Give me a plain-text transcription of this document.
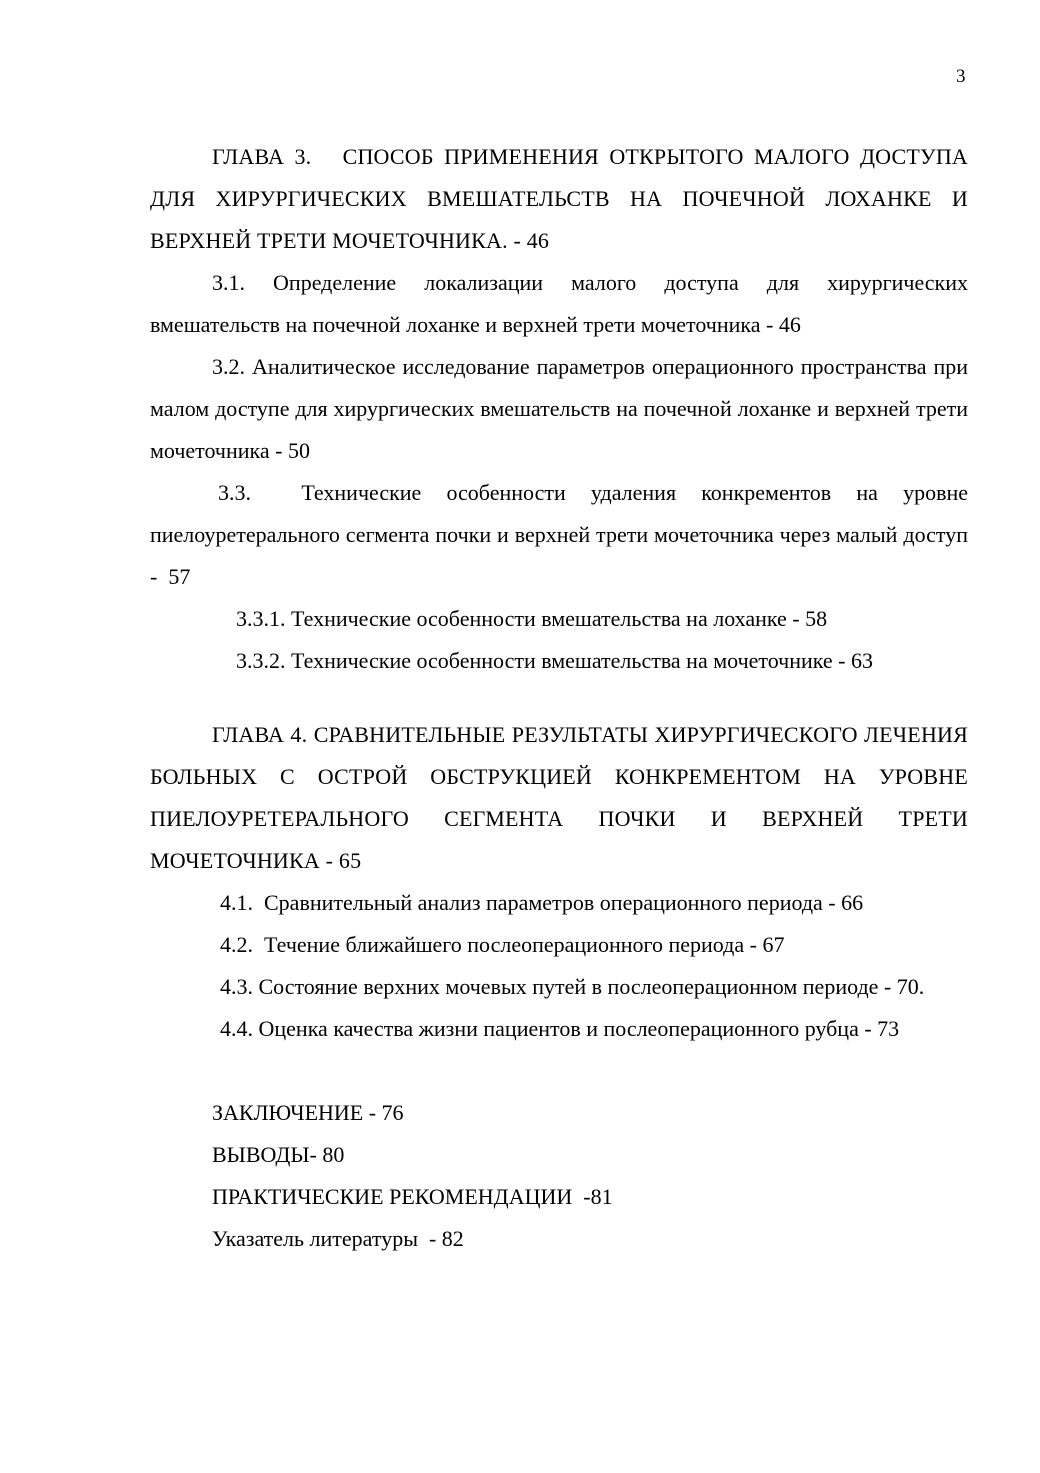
3

ГЛАВА 3.   СПОСОБ ПРИМЕНЕНИЯ ОТКРЫТОГО МАЛОГО ДОСТУПА ДЛЯ ХИРУРГИЧЕСКИХ ВМЕШАТЕЛЬСТВ НА ПОЧЕЧНОЙ ЛОХАНКЕ И ВЕРХНЕЙ ТРЕТИ МОЧЕТОЧНИКА. - 46

3.1. Определение локализации малого доступа для хирургических вмешательств на почечной лоханке и верхней трети мочеточника - 46

3.2. Аналитическое исследование параметров операционного пространства при малом доступе для хирургических вмешательств на почечной лоханке и верхней трети мочеточника - 50

3.3.  Технические особенности удаления конкрементов на уровне пиелоуретерального сегмента почки и верхней трети мочеточника через малый доступ -  57

3.3.1. Технические особенности вмешательства на лоханке - 58

3.3.2. Технические особенности вмешательства на мочеточнике - 63

ГЛАВА 4. СРАВНИТЕЛЬНЫЕ РЕЗУЛЬТАТЫ ХИРУРГИЧЕСКОГО ЛЕЧЕНИЯ БОЛЬНЫХ С ОСТРОЙ ОБСТРУКЦИЕЙ КОНКРЕМЕНТОМ НА УРОВНЕ ПИЕЛОУРЕТЕРАЛЬНОГО СЕГМЕНТА ПОЧКИ И ВЕРХНЕЙ ТРЕТИ МОЧЕТОЧНИКА - 65

4.1.  Сравнительный анализ параметров операционного периода - 66

4.2.  Течение ближайшего послеоперационного периода - 67

4.3. Состояние верхних мочевых путей в послеоперационном периоде - 70.

4.4. Оценка качества жизни пациентов и послеоперационного рубца - 73

ЗАКЛЮЧЕНИЕ - 76

ВЫВОДЫ- 80

ПРАКТИЧЕСКИЕ РЕКОМЕНДАЦИИ  -81

Указатель литературы  - 82
